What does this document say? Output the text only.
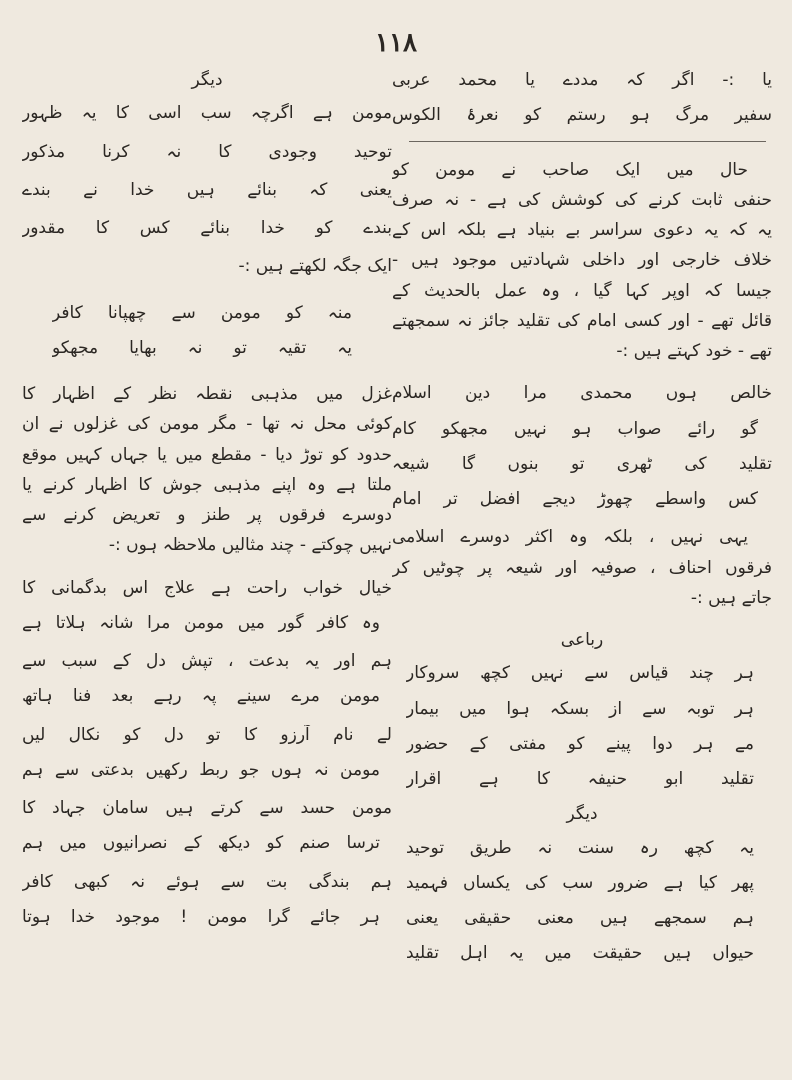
۱۱۸
دیگر
مومن ہے اگرچہ سب اسی کا یہ ظہور
توحید وجودی کا نہ کرنا مذکور
یعنی کہ بنائے ہیں خدا نے بندے
بندے کو خدا بنائے کس کا مقدور
ایک جگہ لکھتے ہیں :-
منہ کو مومن سے چھپانا کافر
یہ تقیہ تو نہ بھایا مجھکو
غزل میں مذہبی نقطہ نظر کے اظہار کا
کوئی محل نہ تھا - مگر مومن کی غزلوں نے ان
حدود کو توڑ دیا - مقطع میں یا جہاں کہیں موقع
ملتا ہے وہ اپنے مذہبی جوش کا اظہار کرنے یا
دوسرے فرقوں پر طنز و تعریض کرنے سے
نہیں چوکتے - چند مثالیں ملاحظہ ہوں :-
خیال خواب راحت ہے علاج اس بدگمانی کا
وہ کافر گور میں مومن مرا شانہ ہلاتا ہے
ہم اور یہ بدعت ، تپش دل کے سبب سے
مومن مرے سینے پہ رہے بعد فنا ہاتھ
لے نام آرزو کا تو دل کو نکال لیں
مومن نہ ہوں جو ربط رکھیں بدعتی سے ہم
مومن حسد سے کرتے ہیں سامان جہاد کا
ترسا صنم کو دیکھ کے نصرانیوں میں ہم
ہم بندگی بت سے ہوئے نہ کبھی کافر
ہر جائے گرا مومن ! موجود خدا ہوتا
یا :- اگر کہ مددے یا محمد عربی
سفیر مرگ ہو رستم کو نعرۂ الکوس
حال میں ایک صاحب نے مومن کو
حنفی ثابت کرنے کی کوشش کی ہے - نہ صرف
یہ کہ یہ دعوی سراسر بے بنیاد ہے بلکہ اس کے
خلاف خارجی اور داخلی شہادتیں موجود ہیں -
جیسا کہ اوپر کہا گیا ، وہ عمل بالحدیث کے
قائل تھے - اور کسی امام کی تقلید جائز نہ سمجھتے
تھے - خود کہتے ہیں :-
خالص ہوں محمدی مرا دین اسلام
گو رائے صواب ہو نہیں مجھکو کام
تقلید کی ٹھری تو بنوں گا شیعہ
کس واسطے چھوڑ دیجے افضل تر امام
یہی نہیں ، بلکہ وہ اکثر دوسرے اسلامی
فرقوں احناف ، صوفیہ اور شیعہ پر چوٹیں کر
جاتے ہیں :-
رباعی
ہر چند قیاس سے نہیں کچھ سروکار
ہر توبہ سے از بسکہ ہوا میں بیمار
مے ہر دوا پینے کو مفتی کے حضور
تقلید ابو حنیفہ کا ہے اقرار
دیگر
یہ کچھ رہ سنت نہ طریق توحید
پھر کیا ہے ضرور سب کی یکساں فہمید
ہم سمجھے ہیں معنی حقیقی یعنی
حیواں ہیں حقیقت میں یہ اہل تقلید
